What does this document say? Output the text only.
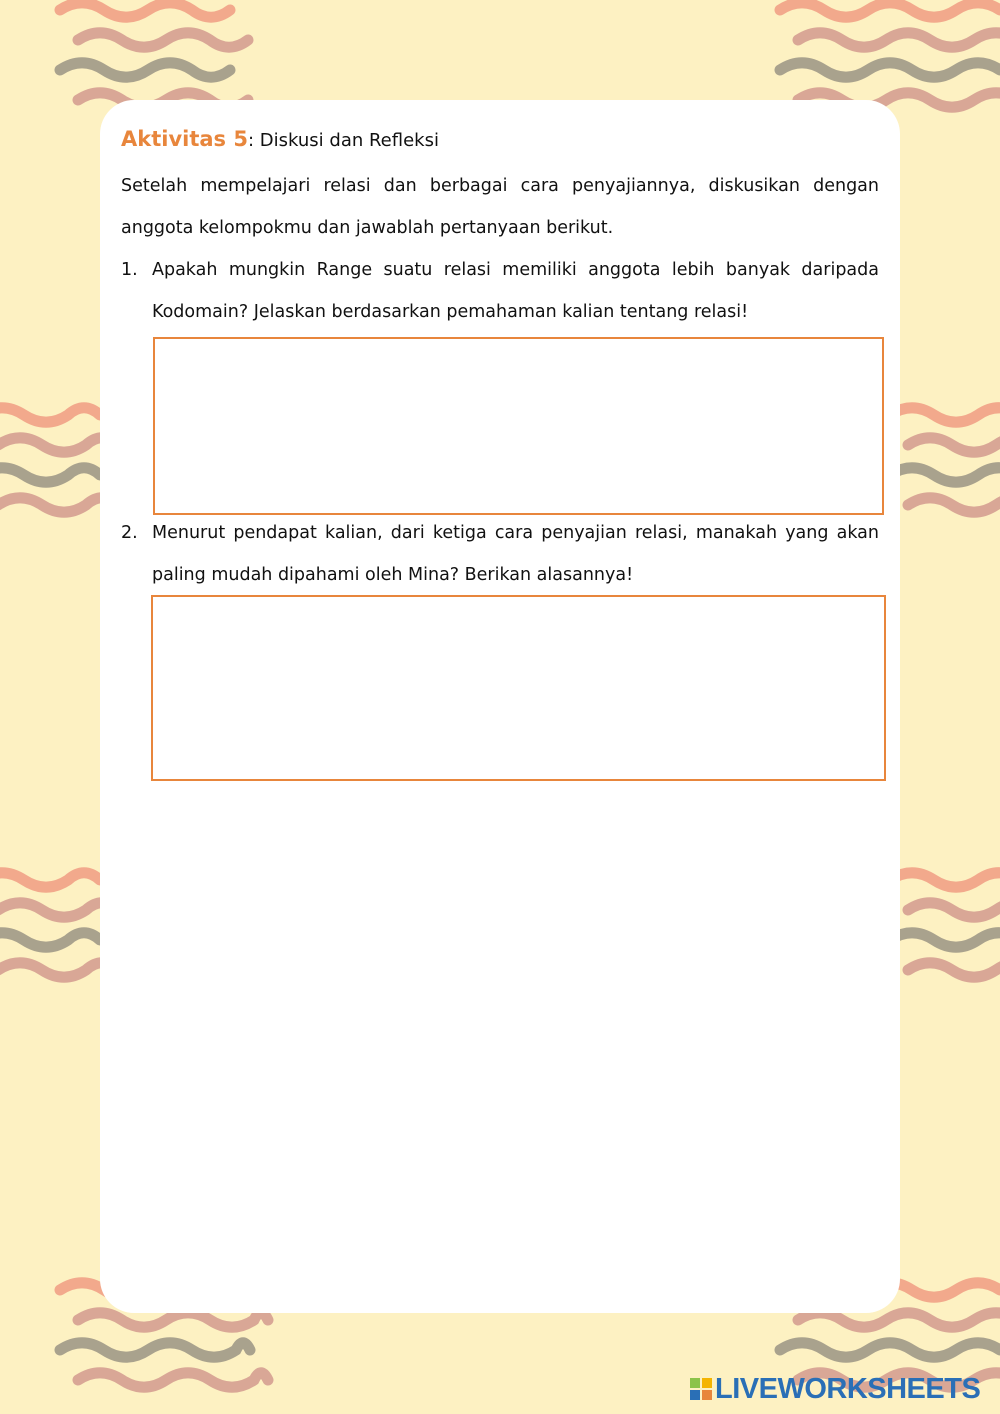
Aktivitas 5: Diskusi dan Refleksi

Setelah mempelajari relasi dan berbagai cara penyajiannya, diskusikan dengan anggota kelompokmu dan jawablah pertanyaan berikut.

1. Apakah mungkin Range suatu relasi memiliki anggota lebih banyak daripada Kodomain? Jelaskan berdasarkan pemahaman kalian tentang relasi!
2. Menurut pendapat kalian, dari ketiga cara penyajian relasi, manakah yang akan paling mudah dipahami oleh Mina? Berikan alasannya!
LIVEWORKSHEETS
